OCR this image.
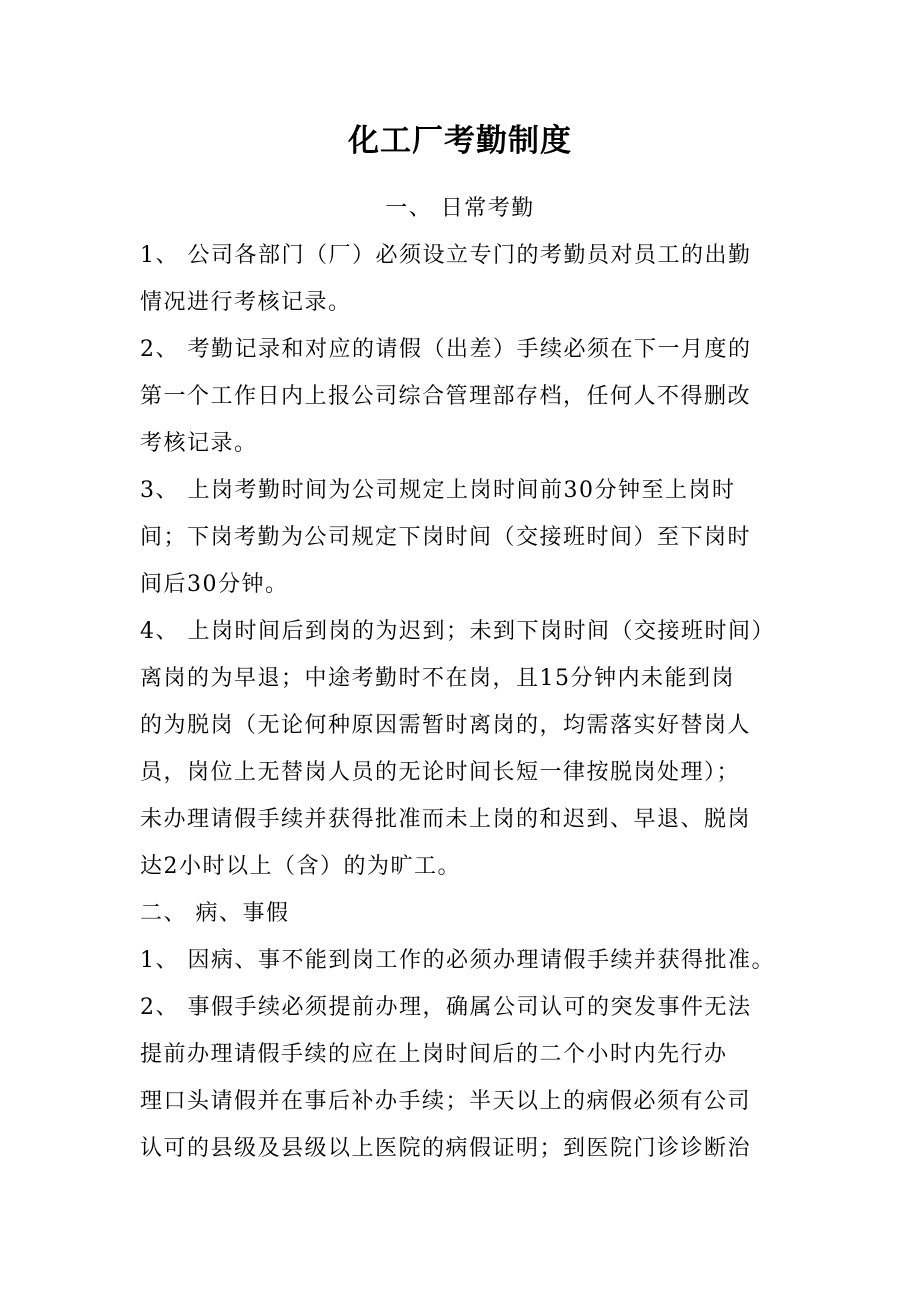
化工厂考勤制度
一、 日常考勤
1、 公司各部门（厂）必须设立专门的考勤员对员工的出勤
情况进行考核记录。
2、 考勤记录和对应的请假（出差）手续必须在下一月度的
第一个工作日内上报公司综合管理部存档，任何人不得删改
考核记录。
3、 上岗考勤时间为公司规定上岗时间前30分钟至上岗时
间；下岗考勤为公司规定下岗时间（交接班时间）至下岗时
间后30分钟。
4、 上岗时间后到岗的为迟到；未到下岗时间（交接班时间）
离岗的为早退；中途考勤时不在岗，且15分钟内未能到岗
的为脱岗（无论何种原因需暂时离岗的，均需落实好替岗人
员，岗位上无替岗人员的无论时间长短一律按脱岗处理）；
未办理请假手续并获得批准而未上岗的和迟到、早退、脱岗
达2小时以上（含）的为旷工。
二、 病、事假
1、 因病、事不能到岗工作的必须办理请假手续并获得批准。
2、 事假手续必须提前办理，确属公司认可的突发事件无法
提前办理请假手续的应在上岗时间后的二个小时内先行办
理口头请假并在事后补办手续；半天以上的病假必须有公司
认可的县级及县级以上医院的病假证明；到医院门诊诊断治
